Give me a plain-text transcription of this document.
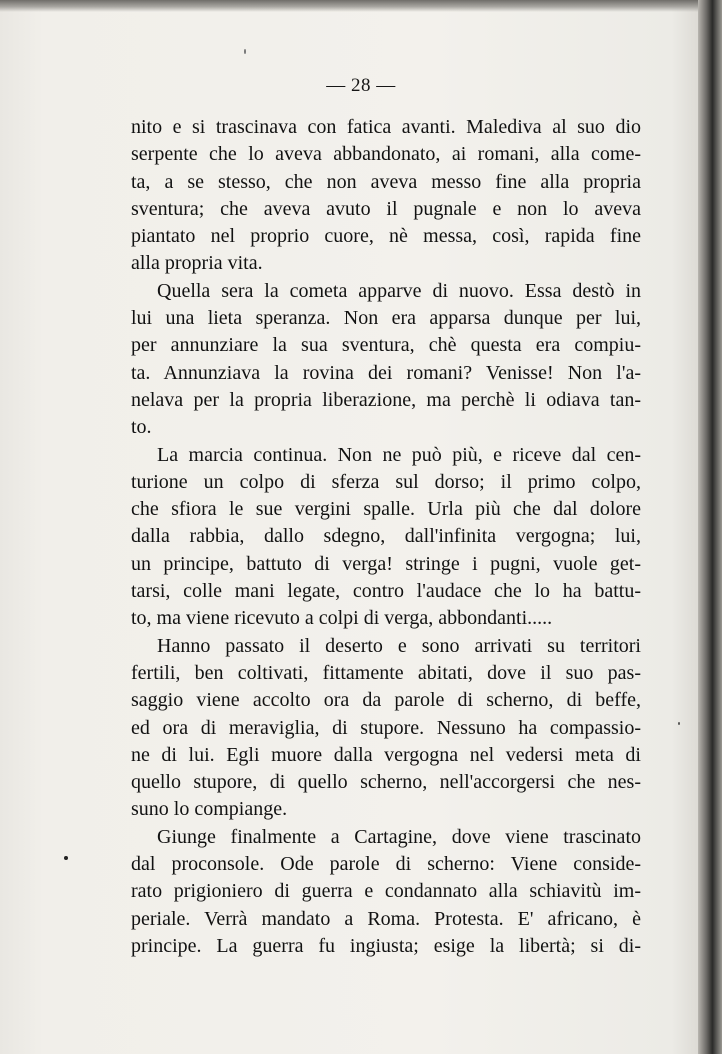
— 28 —
nito e si trascinava con fatica avanti. Malediva al suo dio
serpente che lo aveva abbandonato, ai romani, alla come-
ta, a se stesso, che non aveva messo fine alla propria
sventura; che aveva avuto il pugnale e non lo aveva
piantato nel proprio cuore, nè messa, così, rapida fine
alla propria vita.
Quella sera la cometa apparve di nuovo. Essa destò in
lui una lieta speranza. Non era apparsa dunque per lui,
per annunziare la sua sventura, chè questa era compiu-
ta. Annunziava la rovina dei romani? Venisse! Non l'a-
nelava per la propria liberazione, ma perchè li odiava tan-
to.
La marcia continua. Non ne può più, e riceve dal cen-
turione un colpo di sferza sul dorso; il primo colpo,
che sfiora le sue vergini spalle. Urla più che dal dolore
dalla rabbia, dallo sdegno, dall'infinita vergogna; lui,
un principe, battuto di verga! stringe i pugni, vuole get-
tarsi, colle mani legate, contro l'audace che lo ha battu-
to, ma viene ricevuto a colpi di verga, abbondanti.....
Hanno passato il deserto e sono arrivati su territori
fertili, ben coltivati, fittamente abitati, dove il suo pas-
saggio viene accolto ora da parole di scherno, di beffe,
ed ora di meraviglia, di stupore. Nessuno ha compassio-
ne di lui. Egli muore dalla vergogna nel vedersi meta di
quello stupore, di quello scherno, nell'accorgersi che nes-
suno lo compiange.
Giunge finalmente a Cartagine, dove viene trascinato
dal proconsole. Ode parole di scherno: Viene conside-
rato prigioniero di guerra e condannato alla schiavitù im-
periale. Verrà mandato a Roma. Protesta. E' africano, è
principe. La guerra fu ingiusta; esige la libertà; si di-
